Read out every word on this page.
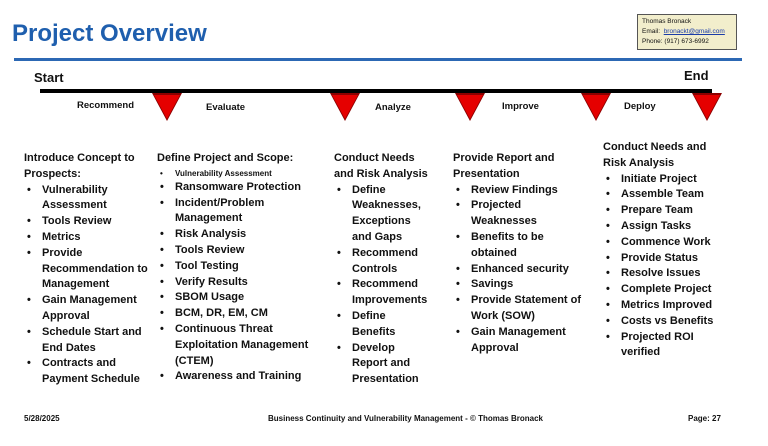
Project Overview	Thomas Bronack
Email: bronackt@gmail.com
Phone: (917) 673-6992
Start	End
Recommend	Evaluate	Analyze	Improve	Deploy
Introduce Concept to Prospects:
• Vulnerability Assessment
• Tools Review
• Metrics
• Provide Recommendation to Management
• Gain Management Approval
• Schedule Start and End Dates
• Contracts and Payment Schedule
Define Project and Scope:
• Vulnerability Assessment
• Ransomware Protection
• Incident/Problem Management
• Risk Analysis
• Tools Review
• Tool Testing
• Verify Results
• SBOM Usage
• BCM, DR, EM, CM
• Continuous Threat Exploitation Management (CTEM)
• Awareness and Training
Conduct Needs and Risk Analysis
• Define Weaknesses, Exceptions and Gaps
• Recommend Controls
• Recommend Improvements
• Define Benefits
• Develop Report and Presentation
Provide Report and Presentation
• Review Findings
• Projected Weaknesses
• Benefits to be obtained
• Enhanced security
• Savings
• Provide Statement of Work (SOW)
• Gain Management Approval
Conduct Needs and Risk Analysis
• Initiate Project
• Assemble Team
• Prepare Team
• Assign Tasks
• Commence Work
• Provide Status
• Resolve Issues
• Complete Project
• Metrics Improved
• Costs vs Benefits
• Projected ROI verified
5/28/2025	Business Continuity and Vulnerability Management - © Thomas Bronack	Page: 27
